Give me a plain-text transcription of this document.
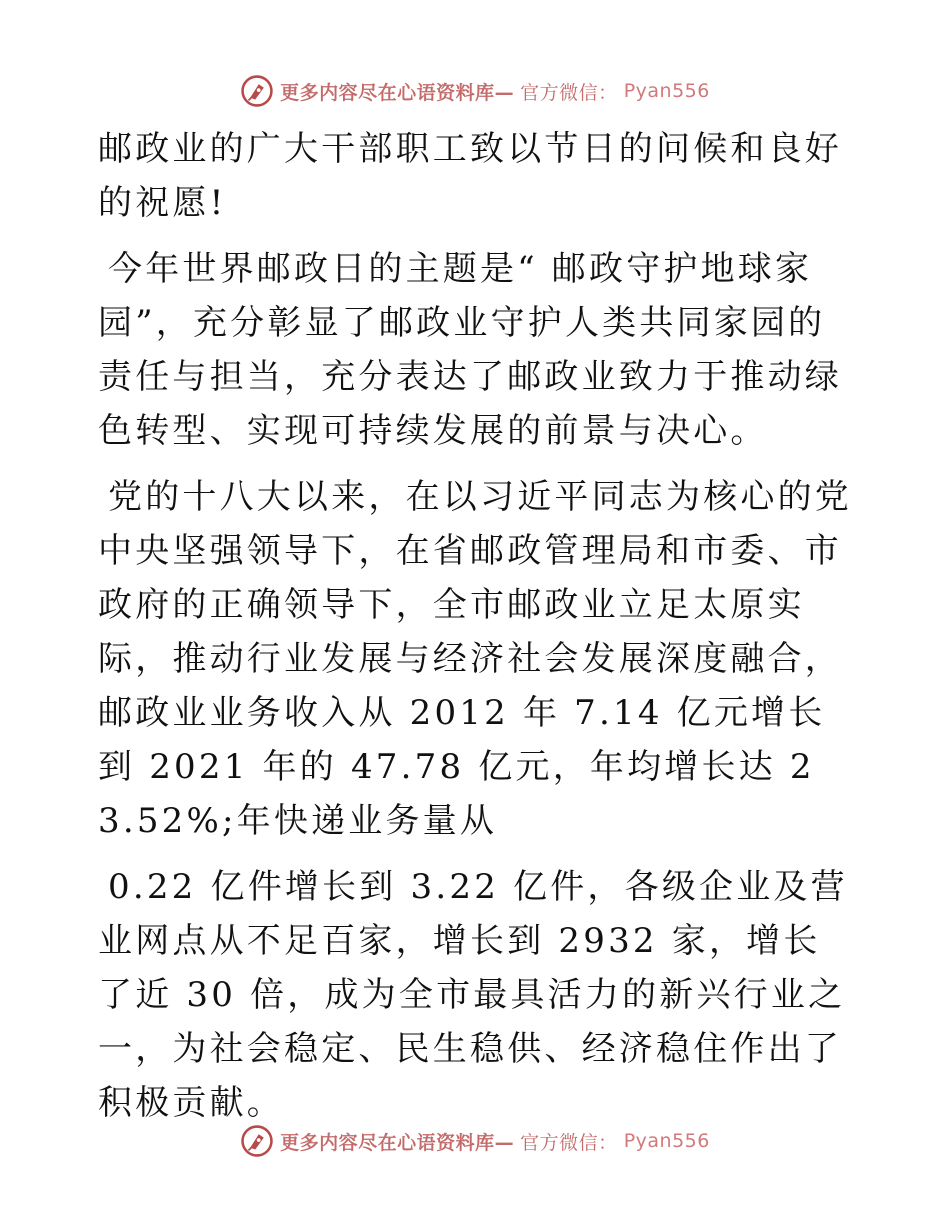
更多内容尽在心语资料库— 官方微信： Pyan556

邮政业的广大干部职工致以节日的问候和良好的祝愿!

今年世界邮政日的主题是“ 邮政守护地球家园”，充分彰显了邮政业守护人类共同家园的责任与担当，充分表达了邮政业致力于推动绿色转型、实现可持续发展的前景与决心。

党的十八大以来，在以习近平同志为核心的党中央坚强领导下，在省邮政管理局和市委、市政府的正确领导下，全市邮政业立足太原实际，推动行业发展与经济社会发展深度融合，邮政业业务收入从 2012 年 7.14 亿元增长到 2021 年的 47.78 亿元，年均增长达 23.52%;年快递业务量从

0.22 亿件增长到 3.22 亿件，各级企业及营业网点从不足百家，增长到 2932 家，增长了近 30 倍，成为全市最具活力的新兴行业之一，为社会稳定、民生稳供、经济稳住作出了积极贡献。

更多内容尽在心语资料库— 官方微信： Pyan556
